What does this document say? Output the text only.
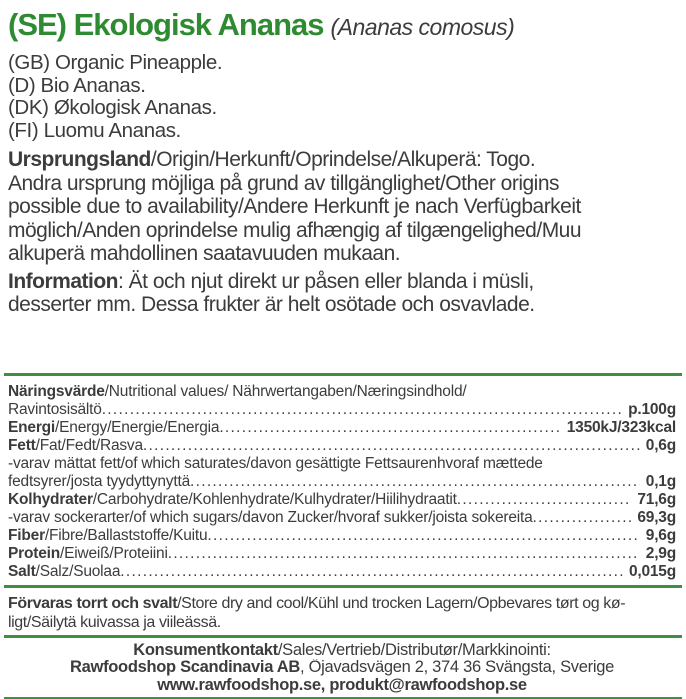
(SE) Ekologisk Ananas (Ananas comosus)
(GB) Organic Pineapple.
(D) Bio Ananas.
(DK) Økologisk Ananas.
(FI) Luomu Ananas.
Ursprungsland /Origin/Herkunft/Oprindelse/Alkuperä: Togo.
Andra ursprung möjliga på grund av tillgänglighet/Other origins
possible due to availability/Andere Herkunft je nach Verfügbarkeit
möglich/Anden oprindelse mulig afhængig af tilgængelighed/Muu
alkuperä mahdollinen saatavuuden mukaan.
Information : Ät och njut direkt ur påsen eller blanda i müsli,
desserter mm. Dessa frukter är helt osötade och osvavlade.
Näringsvärde /Nutritional values/ Nährwertangaben/Næringsindhold/
Ravintosisältö .....	p.100g
Energi /Energy/Energie/Energia .....	1350kJ/323kcal
Fett /Fat/Fedt/Rasva .....	0,6g
-varav mättat fett/of which saturates/davon gesättigte Fettsaurenhvoraf mættede
fedtsyrer/josta tyydyttynyttä .....	0,1g
Kolhydrater /Carbohydrate/Kohlenhydrate/Kulhydrater/Hiilihydraatit .....	71,6g
-varav sockerarter/of which sugars/davon Zucker/hvoraf sukker/joista sokereita .....	69,3g
Fiber /Fibre/Ballaststoffe/Kuitu .....	9,6g
Protein /Eiweiß/Proteiini .....	2,9g
Salt /Salz/Suolaa .....	0,015g
Förvaras torrt och svalt /Store dry and cool/Kühl und trocken Lagern/Opbevares tørt og kø-
ligt/Säilytä kuivassa ja viileässä.
Konsumentkontakt/Sales/Vertrieb/Distributør/Markkinointi:
Rawfoodshop Scandinavia AB, Öjavadsvägen 2, 374 36 Svängsta, Sverige
www.rawfoodshop.se, produkt@rawfoodshop.se
